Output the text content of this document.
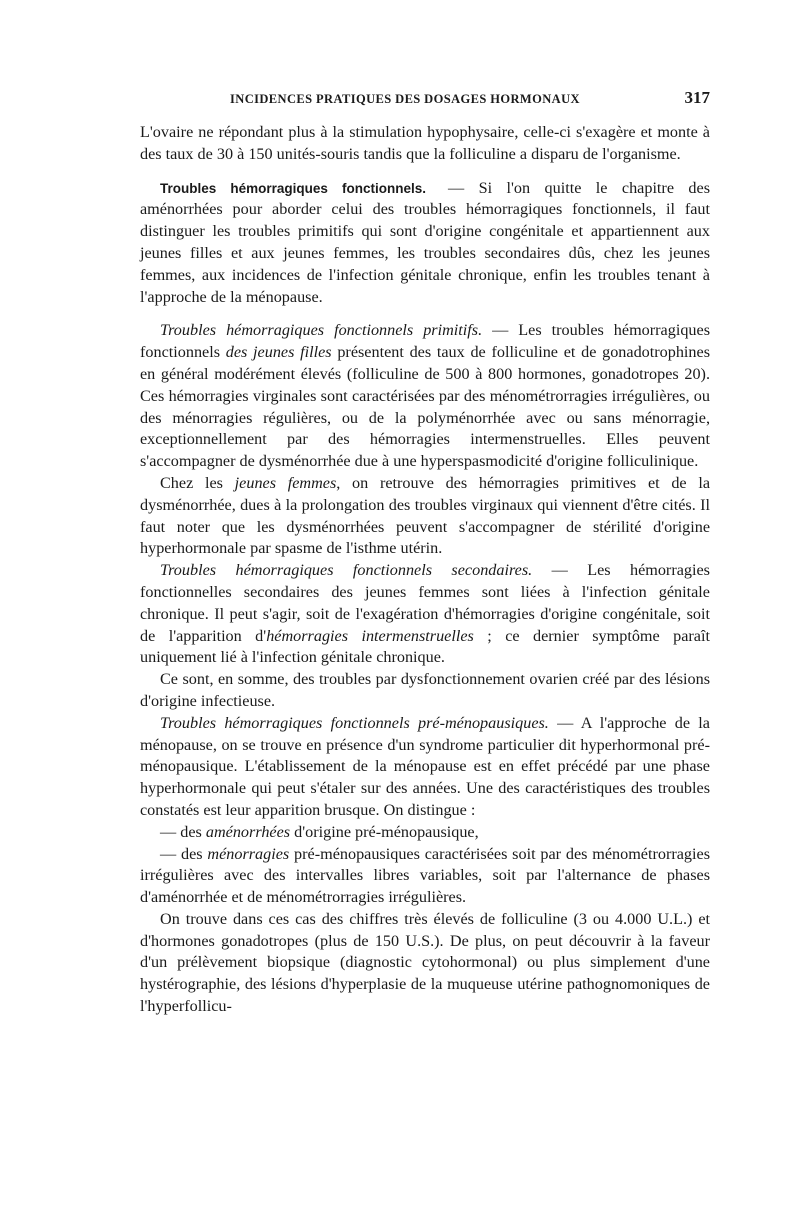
INCIDENCES PRATIQUES DES DOSAGES HORMONAUX	317

L'ovaire ne répondant plus à la stimulation hypophysaire, celle-ci s'exagère et monte à des taux de 30 à 150 unités-souris tandis que la folliculine a disparu de l'organisme.

Troubles hémorragiques fonctionnels. — Si l'on quitte le chapitre des aménorrhées pour aborder celui des troubles hémorragiques fonctionnels, il faut distinguer les troubles primitifs qui sont d'origine congénitale et appartiennent aux jeunes filles et aux jeunes femmes, les troubles secondaires dûs, chez les jeunes femmes, aux incidences de l'infection génitale chronique, enfin les troubles tenant à l'approche de la ménopause.

Troubles hémorragiques fonctionnels primitifs. — Les troubles hémorragiques fonctionnels des jeunes filles présentent des taux de folliculine et de gonadotrophines en général modérément élevés (folliculine de 500 à 800 hormones, gonadotropes 20). Ces hémorragies virginales sont caractérisées par des ménométrorragies irrégulières, ou des ménorragies régulières, ou de la polyménorrhée avec ou sans ménorragie, exceptionnellement par des hémorragies intermenstruelles. Elles peuvent s'accompagner de dysménorrhée due à une hyperspasmodicité d'origine folliculinique.

Chez les jeunes femmes, on retrouve des hémorragies primitives et de la dysménorrhée, dues à la prolongation des troubles virginaux qui viennent d'être cités. Il faut noter que les dysménorrhées peuvent s'accompagner de stérilité d'origine hyperhormonale par spasme de l'isthme utérin.

Troubles hémorragiques fonctionnels secondaires. — Les hémorragies fonctionnelles secondaires des jeunes femmes sont liées à l'infection génitale chronique. Il peut s'agir, soit de l'exagération d'hémorragies d'origine congénitale, soit de l'apparition d'hémorragies intermenstruelles ; ce dernier symptôme paraît uniquement lié à l'infection génitale chronique.

Ce sont, en somme, des troubles par dysfonctionnement ovarien créé par des lésions d'origine infectieuse.

Troubles hémorragiques fonctionnels pré-ménopausiques. — A l'approche de la ménopause, on se trouve en présence d'un syndrome particulier dit hyperhormonal pré-ménopausique. L'établissement de la ménopause est en effet précédé par une phase hyperhormonale qui peut s'étaler sur des années. Une des caractéristiques des troubles constatés est leur apparition brusque. On distingue :

— des aménorrhées d'origine pré-ménopausique,

— des ménorragies pré-ménopausiques caractérisées soit par des ménométrorragies irrégulières avec des intervalles libres variables, soit par l'alternance de phases d'aménorrhée et de ménométrorragies irrégulières.

On trouve dans ces cas des chiffres très élevés de folliculine (3 ou 4.000 U.L.) et d'hormones gonadotropes (plus de 150 U.S.). De plus, on peut découvrir à la faveur d'un prélèvement biopsique (diagnostic cytohormonal) ou plus simplement d'une hystérographie, des lésions d'hyperplasie de la muqueuse utérine pathognomoniques de l'hyperfollicu-
